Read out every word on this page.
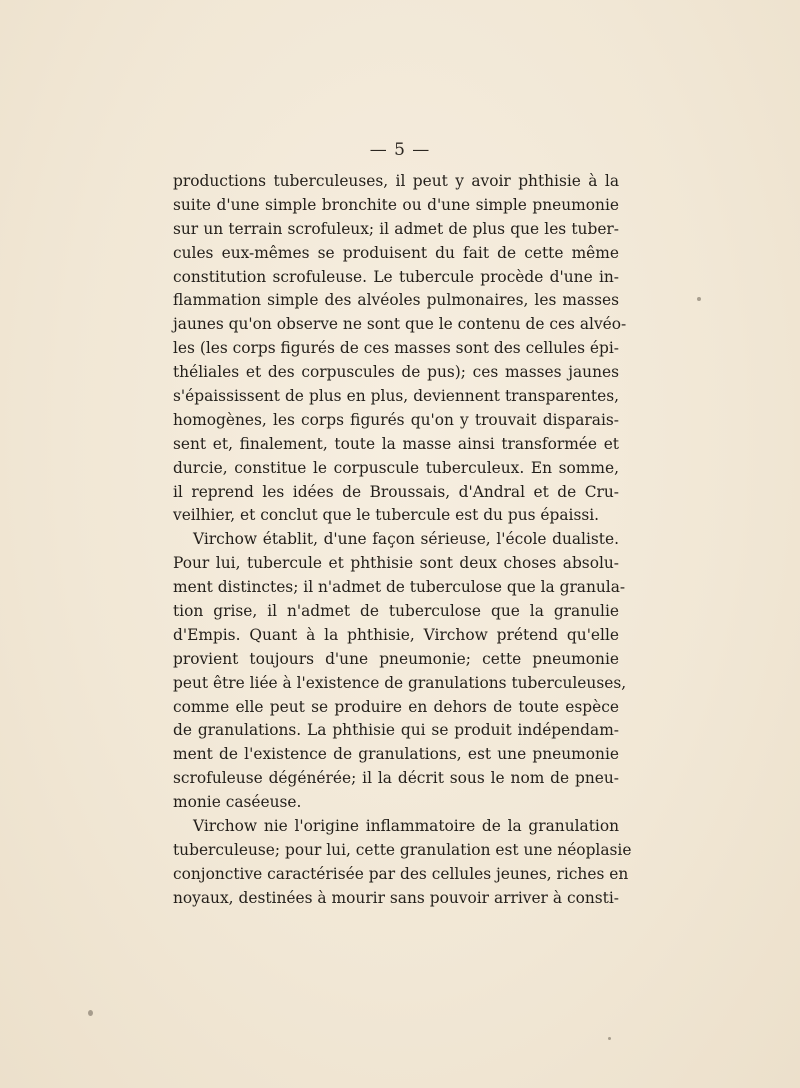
— 5 —
productions tuberculeuses, il peut y avoir phthisie à la
suite d'une simple bronchite ou d'une simple pneumonie
sur un terrain scrofuleux; il admet de plus que les tuber-
cules eux-mêmes se produisent du fait de cette même
constitution scrofuleuse. Le tubercule procède d'une in-
flammation simple des alvéoles pulmonaires, les masses
jaunes qu'on observe ne sont que le contenu de ces alvéo-
les (les corps figurés de ces masses sont des cellules épi-
théliales et des corpuscules de pus); ces masses jaunes
s'épaississent de plus en plus, deviennent transparentes,
homogènes, les corps figurés qu'on y trouvait disparais-
sent et, finalement, toute la masse ainsi transformée et
durcie, constitue le corpuscule tuberculeux. En somme,
il reprend les idées de Broussais, d'Andral et de Cru-
veilhier, et conclut que le tubercule est du pus épaissi.
Virchow établit, d'une façon sérieuse, l'école dualiste.
Pour lui, tubercule et phthisie sont deux choses absolu-
ment distinctes; il n'admet de tuberculose que la granula-
tion grise, il n'admet de tuberculose que la granulie
d'Empis. Quant à la phthisie, Virchow prétend qu'elle
provient toujours d'une pneumonie; cette pneumonie
peut être liée à l'existence de granulations tuberculeuses,
comme elle peut se produire en dehors de toute espèce
de granulations. La phthisie qui se produit indépendam-
ment de l'existence de granulations, est une pneumonie
scrofuleuse dégénérée; il la décrit sous le nom de pneu-
monie caséeuse.
Virchow nie l'origine inflammatoire de la granulation
tuberculeuse; pour lui, cette granulation est une néoplasie
conjonctive caractérisée par des cellules jeunes, riches en
noyaux, destinées à mourir sans pouvoir arriver à consti-
